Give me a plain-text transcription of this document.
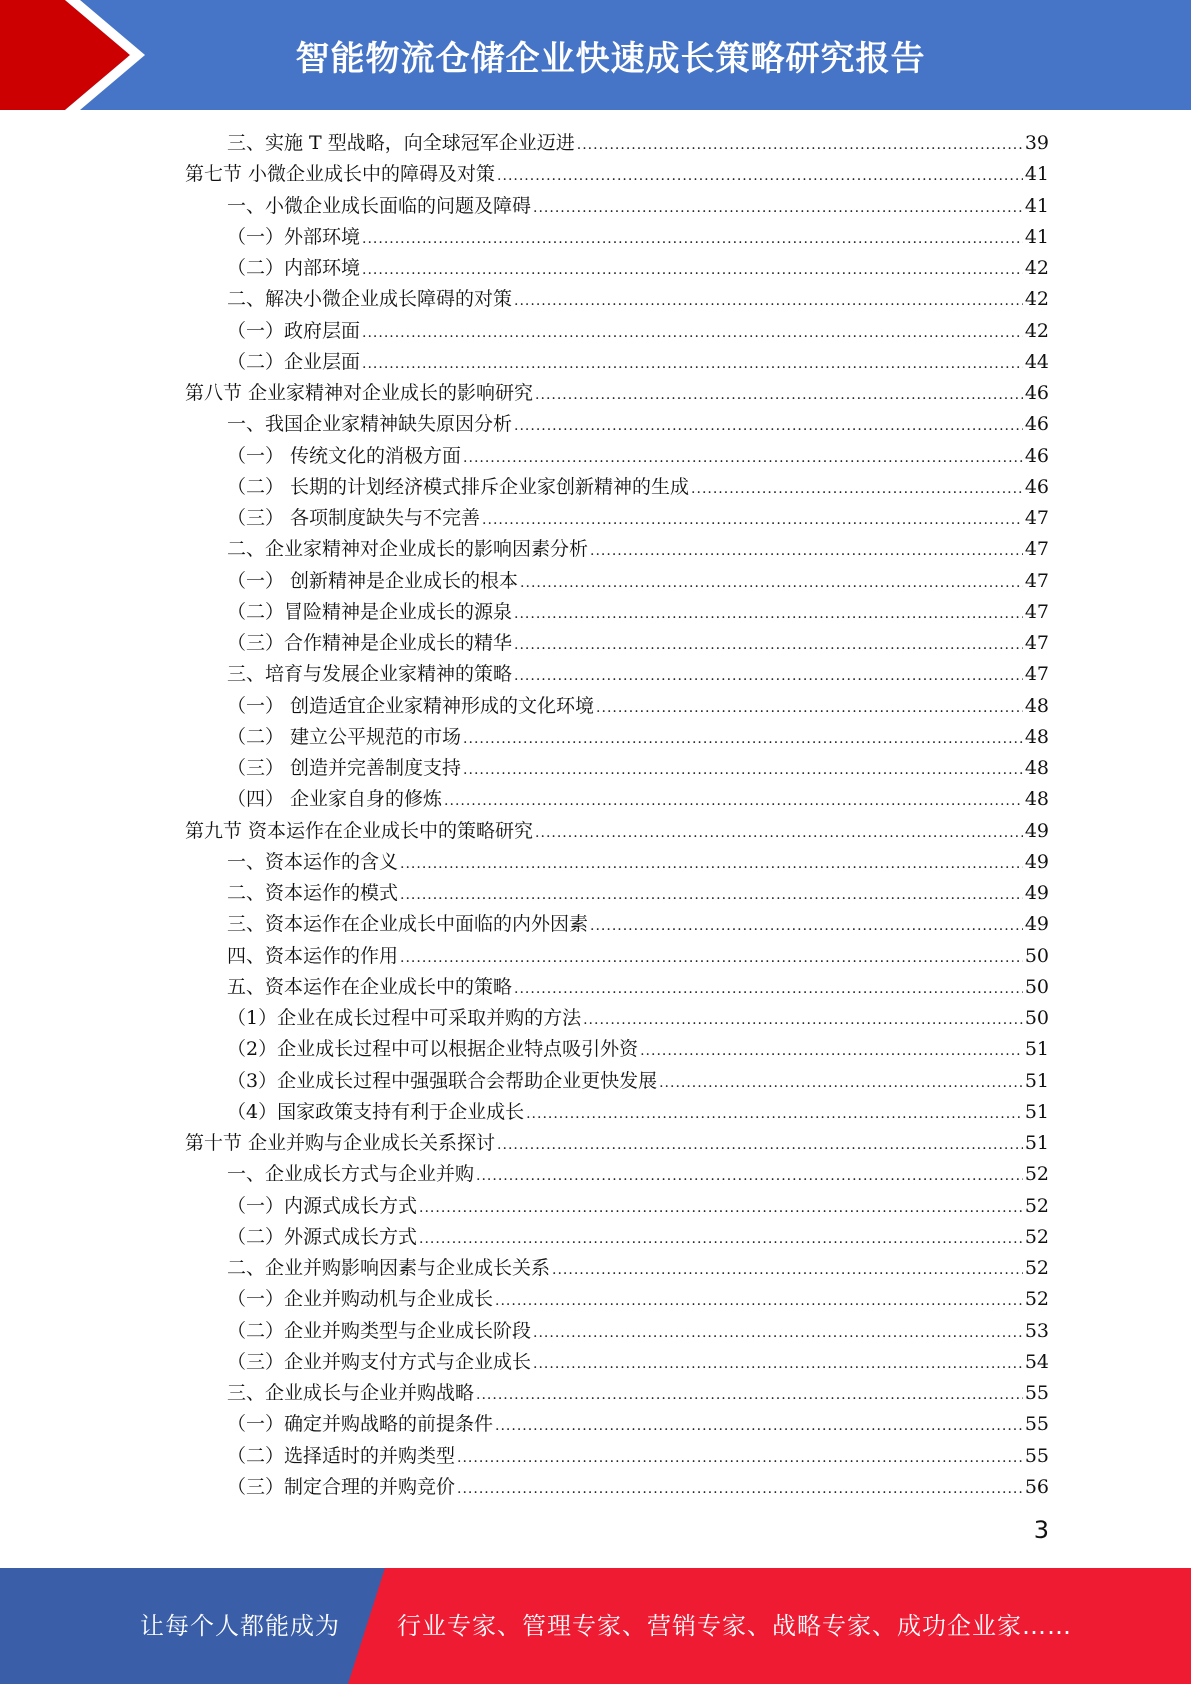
智能物流仓储企业快速成长策略研究报告
三、实施 T 型战略，向全球冠军企业迈进 .....	39
第七节 小微企业成长中的障碍及对策 .....	41
一、小微企业成长面临的问题及障碍 .....	41
（一）外部环境 .....	41
（二）内部环境 .....	42
二、解决小微企业成长障碍的对策 .....	42
（一）政府层面 .....	42
（二）企业层面 .....	44
第八节 企业家精神对企业成长的影响研究 .....	46
一、我国企业家精神缺失原因分析 .....	46
（一） 传统文化的消极方面 .....	46
（二） 长期的计划经济模式排斥企业家创新精神的生成 .....	46
（三） 各项制度缺失与不完善 .....	47
二、企业家精神对企业成长的影响因素分析 .....	47
（一） 创新精神是企业成长的根本 .....	47
（二）冒险精神是企业成长的源泉 .....	47
（三）合作精神是企业成长的精华 .....	47
三、培育与发展企业家精神的策略 .....	47
（一） 创造适宜企业家精神形成的文化环境 .....	48
（二） 建立公平规范的市场 .....	48
（三） 创造并完善制度支持 .....	48
（四） 企业家自身的修炼 .....	48
第九节 资本运作在企业成长中的策略研究 .....	49
一、资本运作的含义 .....	49
二、资本运作的模式 .....	49
三、资本运作在企业成长中面临的内外因素 .....	49
四、资本运作的作用 .....	50
五、资本运作在企业成长中的策略 .....	50
（1）企业在成长过程中可采取并购的方法 .....	50
（2）企业成长过程中可以根据企业特点吸引外资 .....	51
（3）企业成长过程中强强联合会帮助企业更快发展 .....	51
（4）国家政策支持有利于企业成长 .....	51
第十节 企业并购与企业成长关系探讨 .....	51
一、企业成长方式与企业并购 .....	52
（一）内源式成长方式 .....	52
（二）外源式成长方式 .....	52
二、企业并购影响因素与企业成长关系 .....	52
（一）企业并购动机与企业成长 .....	52
（二）企业并购类型与企业成长阶段 .....	53
（三）企业并购支付方式与企业成长 .....	54
三、企业成长与企业并购战略 .....	55
（一）确定并购战略的前提条件 .....	55
（二）选择适时的并购类型 .....	55
（三）制定合理的并购竞价 .....	56
3
让每个人都能成为 行业专家、管理专家、营销专家、战略专家、成功企业家……
